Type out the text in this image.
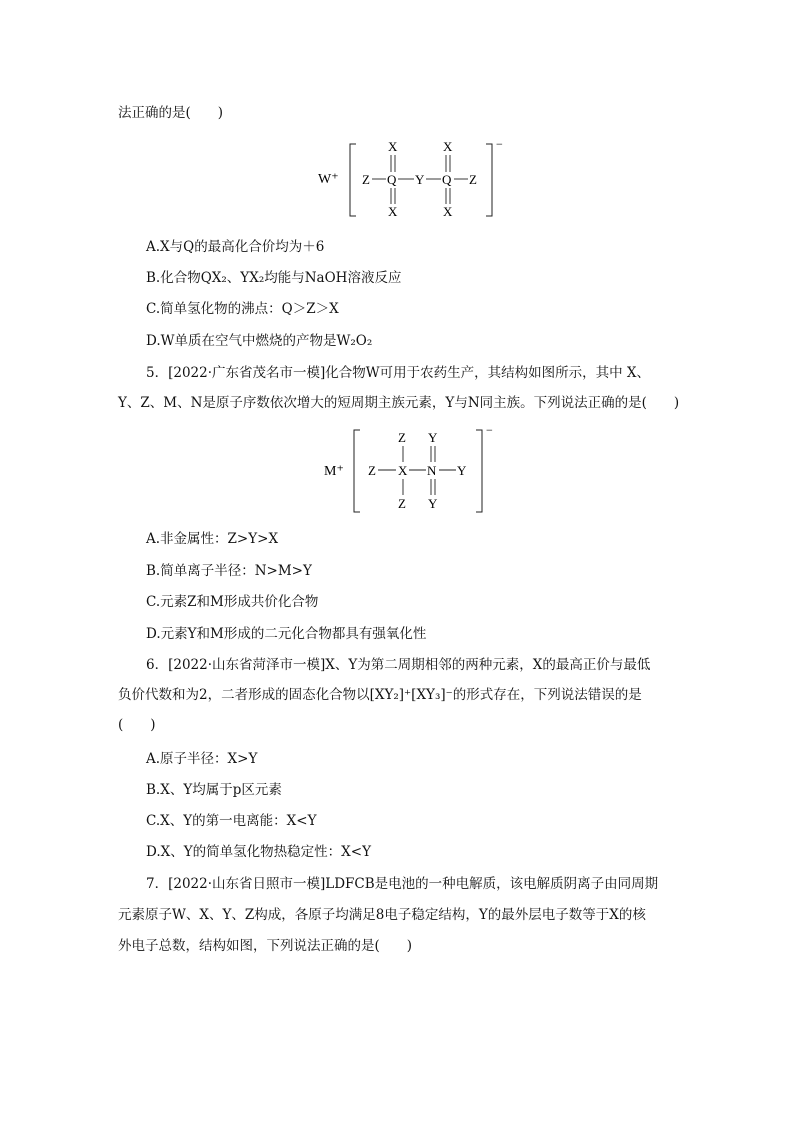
法正确的是(　　)
W⁺
−
X	X
Z Q Y Q Z
X	X
A.X与Q的最高化合价均为＋6
B.化合物QX₂、YX₂均能与NaOH溶液反应
C.简单氢化物的沸点：Q＞Z＞X
D.W单质在空气中燃烧的产物是W₂O₂
5．[2022·广东省茂名市一模]化合物W可用于农药生产，其结构如图所示，其中 X、
Y、Z、M、N是原子序数依次增大的短周期主族元素，Y与N同主族。下列说法正确的是(　　)
M⁺
−
Z Y
Z X N Y
Z Y
A.非金属性：Z>Y>X
B.简单离子半径：N>M>Y
C.元素Z和M形成共价化合物
D.元素Y和M形成的二元化合物都具有强氧化性
6．[2022·山东省菏泽市一模]X、Y为第二周期相邻的两种元素，X的最高正价与最低
负价代数和为2，二者形成的固态化合物以[XY₂]⁺[XY₃]⁻的形式存在，下列说法错误的是
(　　)
A.原子半径：X>Y
B.X、Y均属于p区元素
C.X、Y的第一电离能：X<Y
D.X、Y的简单氢化物热稳定性：X<Y
7．[2022·山东省日照市一模]LDFCB是电池的一种电解质，该电解质阴离子由同周期
元素原子W、X、Y、Z构成，各原子均满足8电子稳定结构，Y的最外层电子数等于X的核
外电子总数，结构如图，下列说法正确的是(　　)
